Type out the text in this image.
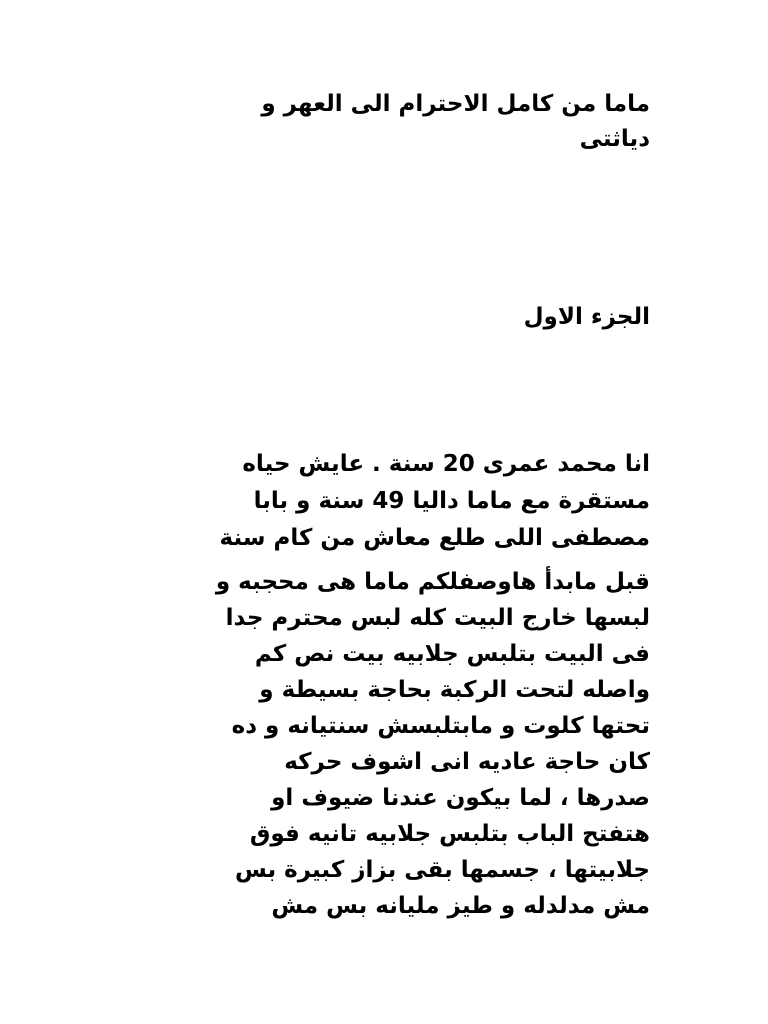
ماما من كامل الاحترام الى العهر و
دياثتى
الجزء الاول

انا محمد عمرى 20 سنة . عايش حياه
مستقرة مع ماما داليا 49 سنة و بابا
مصطفى اللى طلع معاش من كام سنة

قبل مابدأ هاوصفلكم ماما هى محجبه و
لبسها خارج البيت كله لبس محترم جدا
فى البيت بتلبس جلابيه بيت نص كم
واصله لتحت الركبة بحاجة بسيطة و
تحتها كلوت و مابتلبسش سنتيانه و ده
كان حاجة عاديه انى اشوف حركه
صدرها ، لما بيكون عندنا ضيوف او
هتفتح الباب بتلبس جلابيه تانيه فوق
جلابيتها ، جسمها بقى بزاز كبيرة بس
مش مدلدله و طيز مليانه بس مش
